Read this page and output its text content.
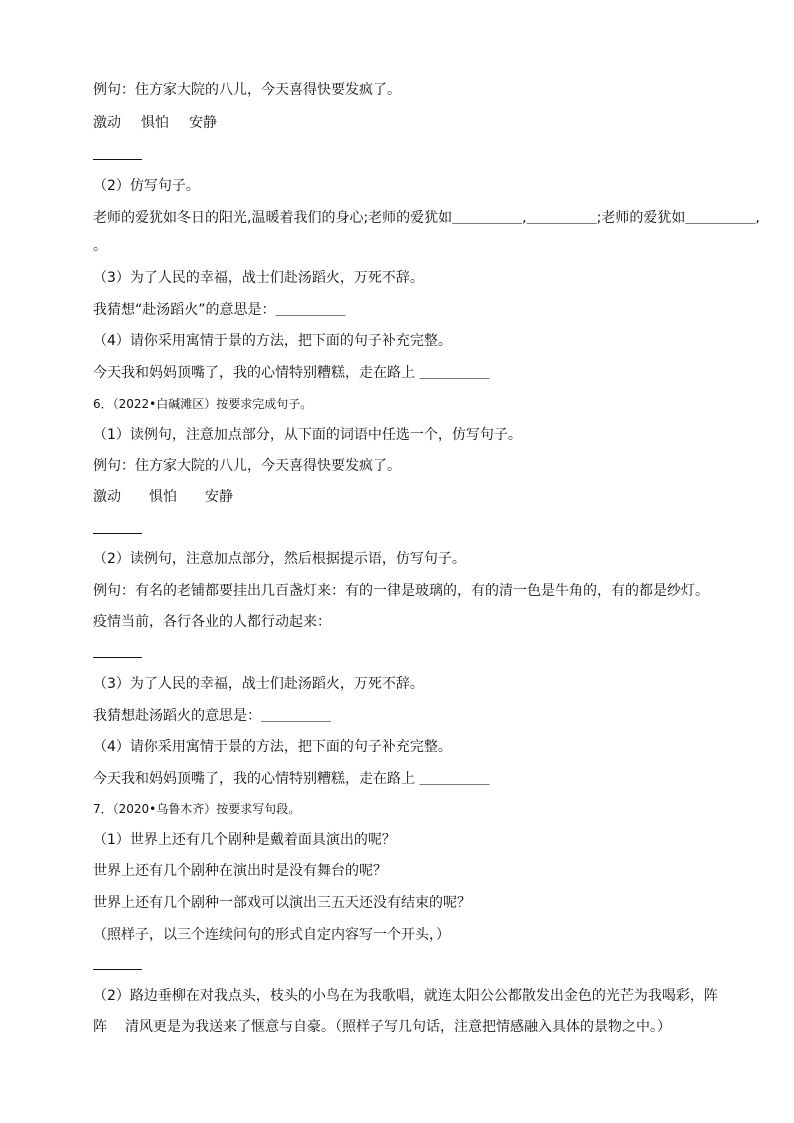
例句：住方家大院的八儿，今天喜得快要发疯了。
激动 惧怕 安静
（2）仿写句子。
老师的爱犹如冬日的阳光,温暖着我们的身心;老师的爱犹如＿＿＿＿＿,＿＿＿＿＿;老师的爱犹如＿＿＿＿＿,
。
（3）为了人民的幸福，战士们赴汤蹈火，万死不辞。
我猜想“赴汤蹈火”的意思是：＿＿＿＿＿
（4）请你采用寓情于景的方法，把下面的句子补充完整。
今天我和妈妈顶嘴了，我的心情特别糟糕，走在路上 ＿＿＿＿＿
6．（2022•白碱滩区）按要求完成句子。
（1）读例句，注意加点部分，从下面的词语中任选一个，仿写句子。
例句：住方家大院的八儿，今天喜得快要发疯了。
激动 惧怕 安静
（2）读例句，注意加点部分，然后根据提示语，仿写句子。
例句：有名的老铺都要挂出几百盏灯来：有的一律是玻璃的，有的清一色是牛角的，有的都是纱灯。
疫情当前，各行各业的人都行动起来：
（3）为了人民的幸福，战士们赴汤蹈火，万死不辞。
我猜想赴汤蹈火的意思是：＿＿＿＿＿
（4）请你采用寓情于景的方法，把下面的句子补充完整。
今天我和妈妈顶嘴了，我的心情特别糟糕，走在路上 ＿＿＿＿＿
7．（2020•乌鲁木齐）按要求写句段。
（1）世界上还有几个剧种是戴着面具演出的呢？
世界上还有几个剧种在演出时是没有舞台的呢？
世界上还有几个剧种一部戏可以演出三五天还没有结束的呢？
（照样子，以三个连续问句的形式自定内容写一个开头，）
（2）路边垂柳在对我点头，枝头的小鸟在为我歌唱，就连太阳公公都散发出金色的光芒为我喝彩，阵
阵 清风更是为我送来了惬意与自豪。（照样子写几句话，注意把情感融入具体的景物之中。）
